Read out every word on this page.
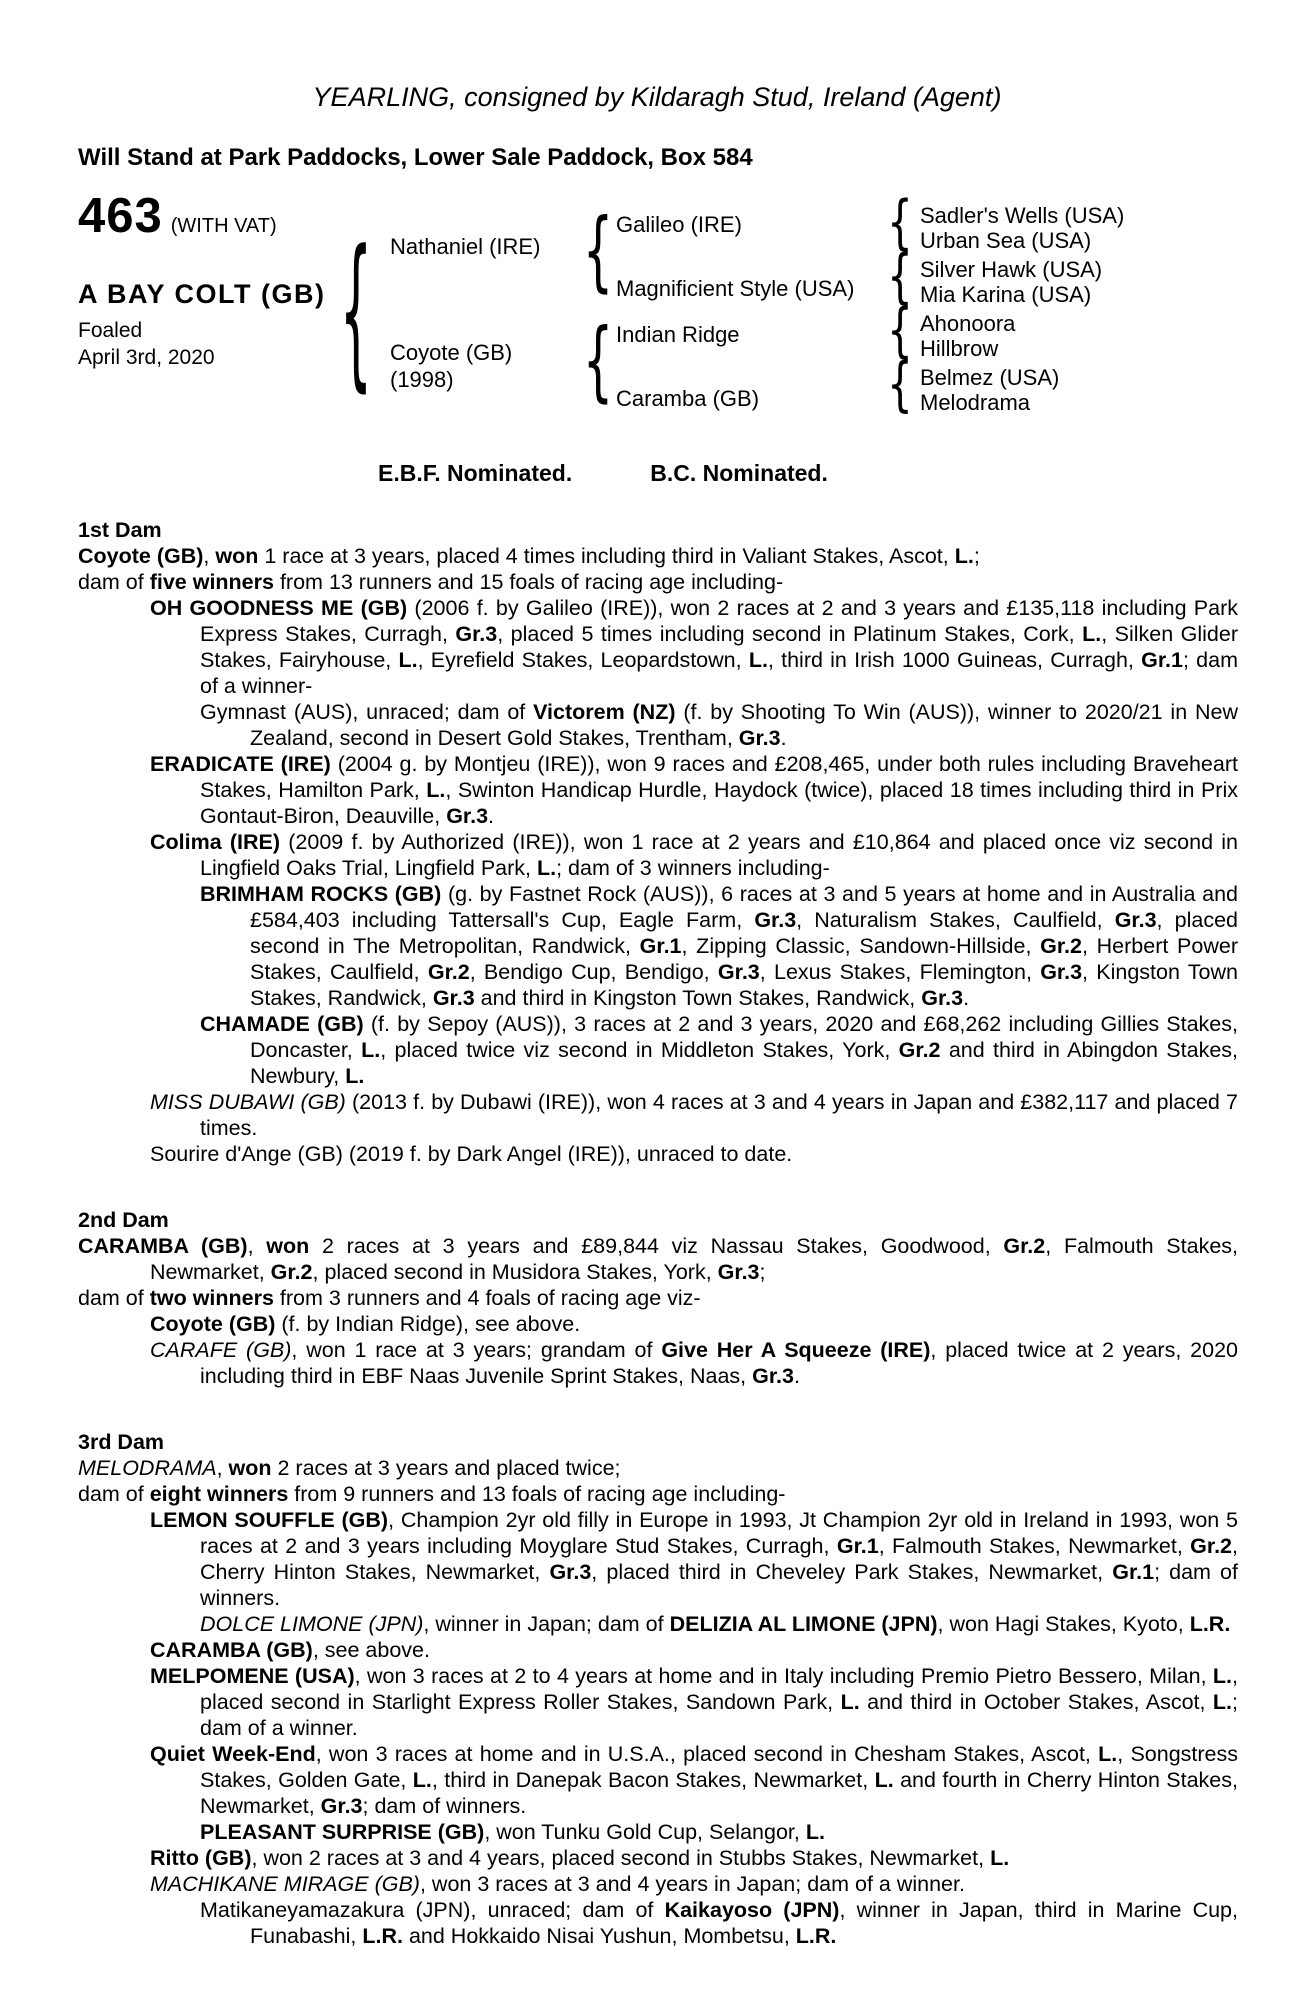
YEARLING, consigned by Kildaragh Stud, Ireland (Agent)
Will Stand at Park Paddocks, Lower Sale Paddock, Box 584
463 (WITH VAT)
A BAY COLT (GB)
Foaled
April 3rd, 2020 {	{
{
{
{
{
{
Nathaniel (IRE)
Coyote (GB)
(1998)
Galileo (IRE)
Magnificient Style (USA)
Indian Ridge
Caramba (GB)
Sadler's Wells (USA)
Urban Sea (USA)
Silver Hawk (USA)
Mia Karina (USA)
Ahonoora
Hillbrow
Belmez (USA)
Melodrama
E.B.F. Nominated.	B.C. Nominated.
1st Dam
Coyote (GB), won 1 race at 3 years, placed 4 times including third in Valiant Stakes, Ascot, L.;
dam of five winners from 13 runners and 15 foals of racing age including-
OH GOODNESS ME (GB) (2006 f. by Galileo (IRE)), won 2 races at 2 and 3 years and £135,118 including Park Express Stakes, Curragh, Gr.3, placed 5 times including second in Platinum Stakes, Cork, L., Silken Glider Stakes, Fairyhouse, L., Eyrefield Stakes, Leopardstown, L., third in Irish 1000 Guineas, Curragh, Gr.1; dam of a winner-
Gymnast (AUS), unraced; dam of Victorem (NZ) (f. by Shooting To Win (AUS)), winner to 2020/21 in New Zealand, second in Desert Gold Stakes, Trentham, Gr.3.
ERADICATE (IRE) (2004 g. by Montjeu (IRE)), won 9 races and £208,465, under both rules including Braveheart Stakes, Hamilton Park, L., Swinton Handicap Hurdle, Haydock (twice), placed 18 times including third in Prix Gontaut-Biron, Deauville, Gr.3.
Colima (IRE) (2009 f. by Authorized (IRE)), won 1 race at 2 years and £10,864 and placed once viz second in Lingfield Oaks Trial, Lingfield Park, L.; dam of 3 winners including-
BRIMHAM ROCKS (GB) (g. by Fastnet Rock (AUS)), 6 races at 3 and 5 years at home and in Australia and £584,403 including Tattersall's Cup, Eagle Farm, Gr.3, Naturalism Stakes, Caulfield, Gr.3, placed second in The Metropolitan, Randwick, Gr.1, Zipping Classic, Sandown-Hillside, Gr.2, Herbert Power Stakes, Caulfield, Gr.2, Bendigo Cup, Bendigo, Gr.3, Lexus Stakes, Flemington, Gr.3, Kingston Town Stakes, Randwick, Gr.3 and third in Kingston Town Stakes, Randwick, Gr.3.
CHAMADE (GB) (f. by Sepoy (AUS)), 3 races at 2 and 3 years, 2020 and £68,262 including Gillies Stakes, Doncaster, L., placed twice viz second in Middleton Stakes, York, Gr.2 and third in Abingdon Stakes, Newbury, L.
MISS DUBAWI (GB) (2013 f. by Dubawi (IRE)), won 4 races at 3 and 4 years in Japan and £382,117 and placed 7 times.
Sourire d'Ange (GB) (2019 f. by Dark Angel (IRE)), unraced to date.
2nd Dam
CARAMBA (GB), won 2 races at 3 years and £89,844 viz Nassau Stakes, Goodwood, Gr.2, Falmouth Stakes, Newmarket, Gr.2, placed second in Musidora Stakes, York, Gr.3;
dam of two winners from 3 runners and 4 foals of racing age viz-
Coyote (GB) (f. by Indian Ridge), see above.
CARAFE (GB), won 1 race at 3 years; grandam of Give Her A Squeeze (IRE), placed twice at 2 years, 2020 including third in EBF Naas Juvenile Sprint Stakes, Naas, Gr.3.
3rd Dam
MELODRAMA, won 2 races at 3 years and placed twice;
dam of eight winners from 9 runners and 13 foals of racing age including-
LEMON SOUFFLE (GB), Champion 2yr old filly in Europe in 1993, Jt Champion 2yr old in Ireland in 1993, won 5 races at 2 and 3 years including Moyglare Stud Stakes, Curragh, Gr.1, Falmouth Stakes, Newmarket, Gr.2, Cherry Hinton Stakes, Newmarket, Gr.3, placed third in Cheveley Park Stakes, Newmarket, Gr.1; dam of winners.
DOLCE LIMONE (JPN), winner in Japan; dam of DELIZIA AL LIMONE (JPN), won Hagi Stakes, Kyoto, L.R.
CARAMBA (GB), see above.
MELPOMENE (USA), won 3 races at 2 to 4 years at home and in Italy including Premio Pietro Bessero, Milan, L., placed second in Starlight Express Roller Stakes, Sandown Park, L. and third in October Stakes, Ascot, L.; dam of a winner.
Quiet Week-End, won 3 races at home and in U.S.A., placed second in Chesham Stakes, Ascot, L., Songstress Stakes, Golden Gate, L., third in Danepak Bacon Stakes, Newmarket, L. and fourth in Cherry Hinton Stakes, Newmarket, Gr.3; dam of winners.
PLEASANT SURPRISE (GB), won Tunku Gold Cup, Selangor, L.
Ritto (GB), won 2 races at 3 and 4 years, placed second in Stubbs Stakes, Newmarket, L.
MACHIKANE MIRAGE (GB), won 3 races at 3 and 4 years in Japan; dam of a winner.
Matikaneyamazakura (JPN), unraced; dam of Kaikayoso (JPN), winner in Japan, third in Marine Cup, Funabashi, L.R. and Hokkaido Nisai Yushun, Mombetsu, L.R.
